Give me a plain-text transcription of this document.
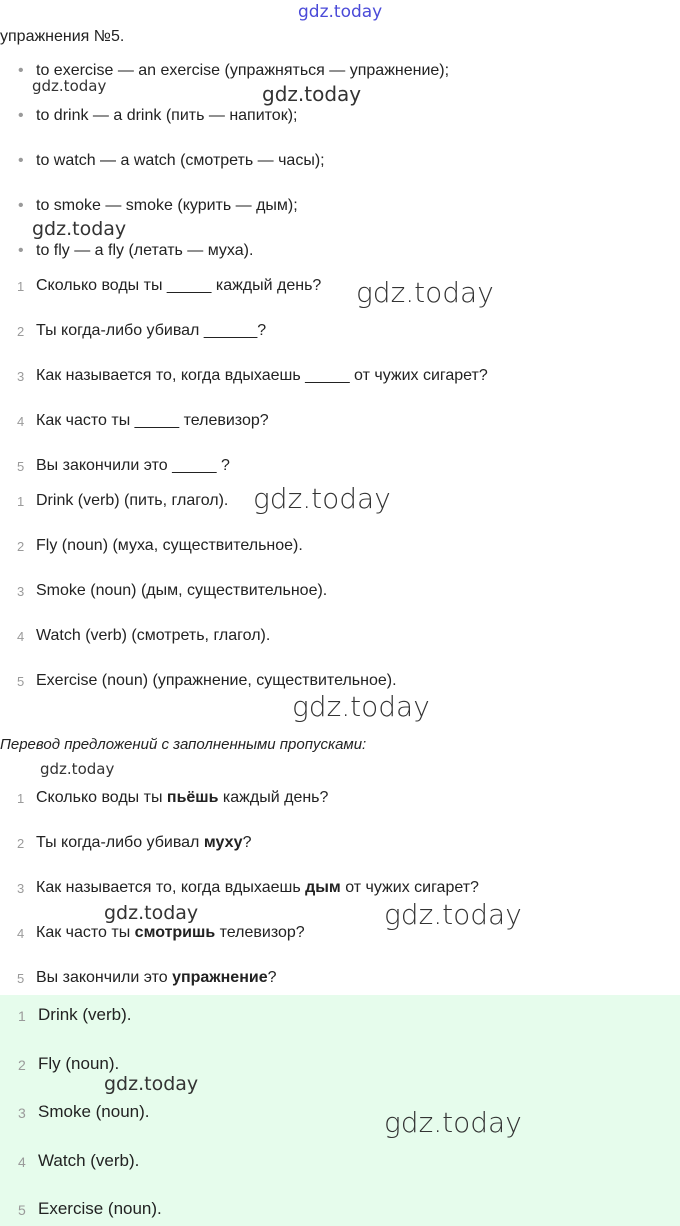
gdz.today
упражнения №5.
• to exercise — an exercise (упражняться — упражнение);
• to drink — a drink (пить — напиток);
• to watch — a watch (смотреть — часы);
• to smoke — smoke (курить — дым);
• to fly — a fly (летать — муха).
gdz.today	gdz.today
gdz.today
1 Сколько воды ты _____ каждый день?
2 Ты когда-либо убивал ______?
3 Как называется то, когда вдыхаешь _____ от чужих сигарет?
4 Как часто ты _____ телевизор?
5 Вы закончили это _____ ?
gdz.today
1 Drink (verb) (пить, глагол).
2 Fly (noun) (муха, существительное).
3 Smoke (noun) (дым, существительное).
4 Watch (verb) (смотреть, глагол).
5 Exercise (noun) (упражнение, существительное).
gdz.today
gdz.today
Перевод предложений с заполненными пропусками:
gdz.today
1 Сколько воды ты пьёшь каждый день?
2 Ты когда-либо убивал муху?
3 Как называется то, когда вдыхаешь дым от чужих сигарет?
4 Как часто ты смотришь телевизор?
5 Вы закончили это упражнение?
gdz.today	gdz.today
1 Drink (verb).
2 Fly (noun).
3 Smoke (noun).
4 Watch (verb).
5 Exercise (noun).
gdz.today
gdz.today
